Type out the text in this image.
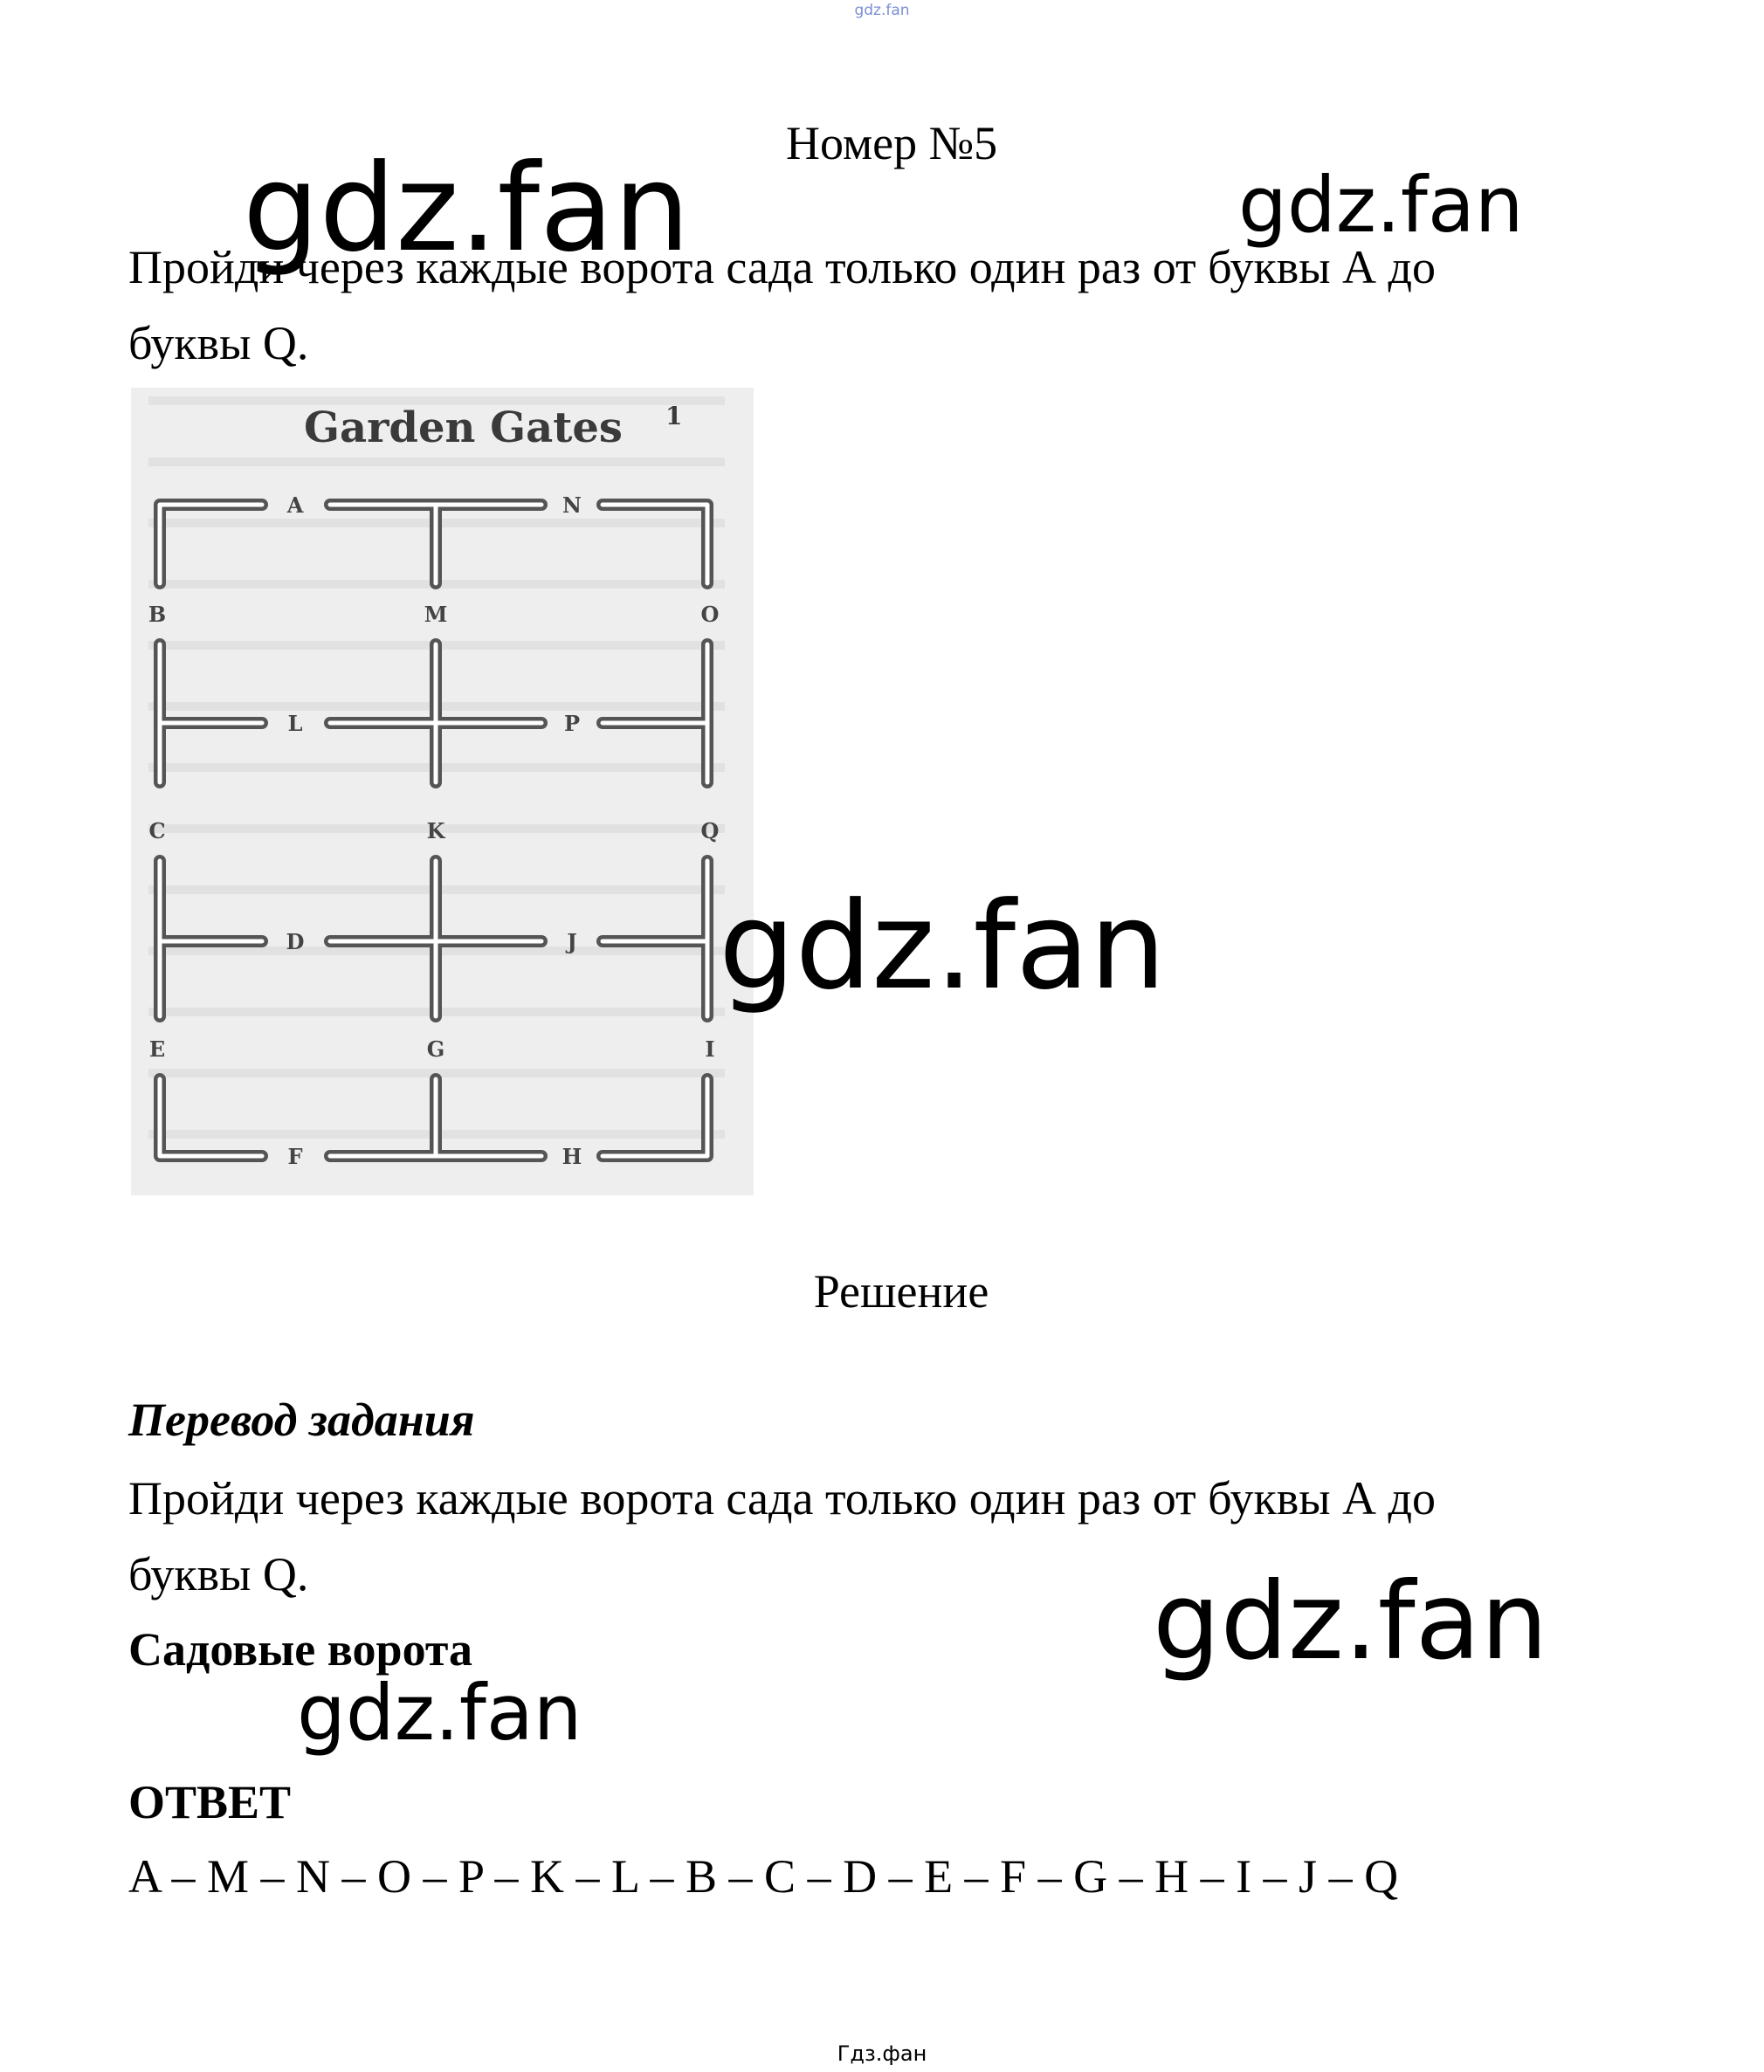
gdz.fan
Номер №5
gdz.fan	gdz.fan
Пройди через каждые ворота сада только один раз от буквы А до
буквы Q.
Garden Gates 1
A	N
B	M	O
L	P
C	K	Q
D	J
E	G	I
F	H
gdz.fan
Решение
Перевод задания
Пройди через каждые ворота сада только один раз от буквы А до
буквы Q.
Садовые ворота	gdz.fan
gdz.fan
ОТВЕТ
A – M – N – O – P – K – L – B – C – D – E – F – G – H – I – J – Q
Гдз.фан
